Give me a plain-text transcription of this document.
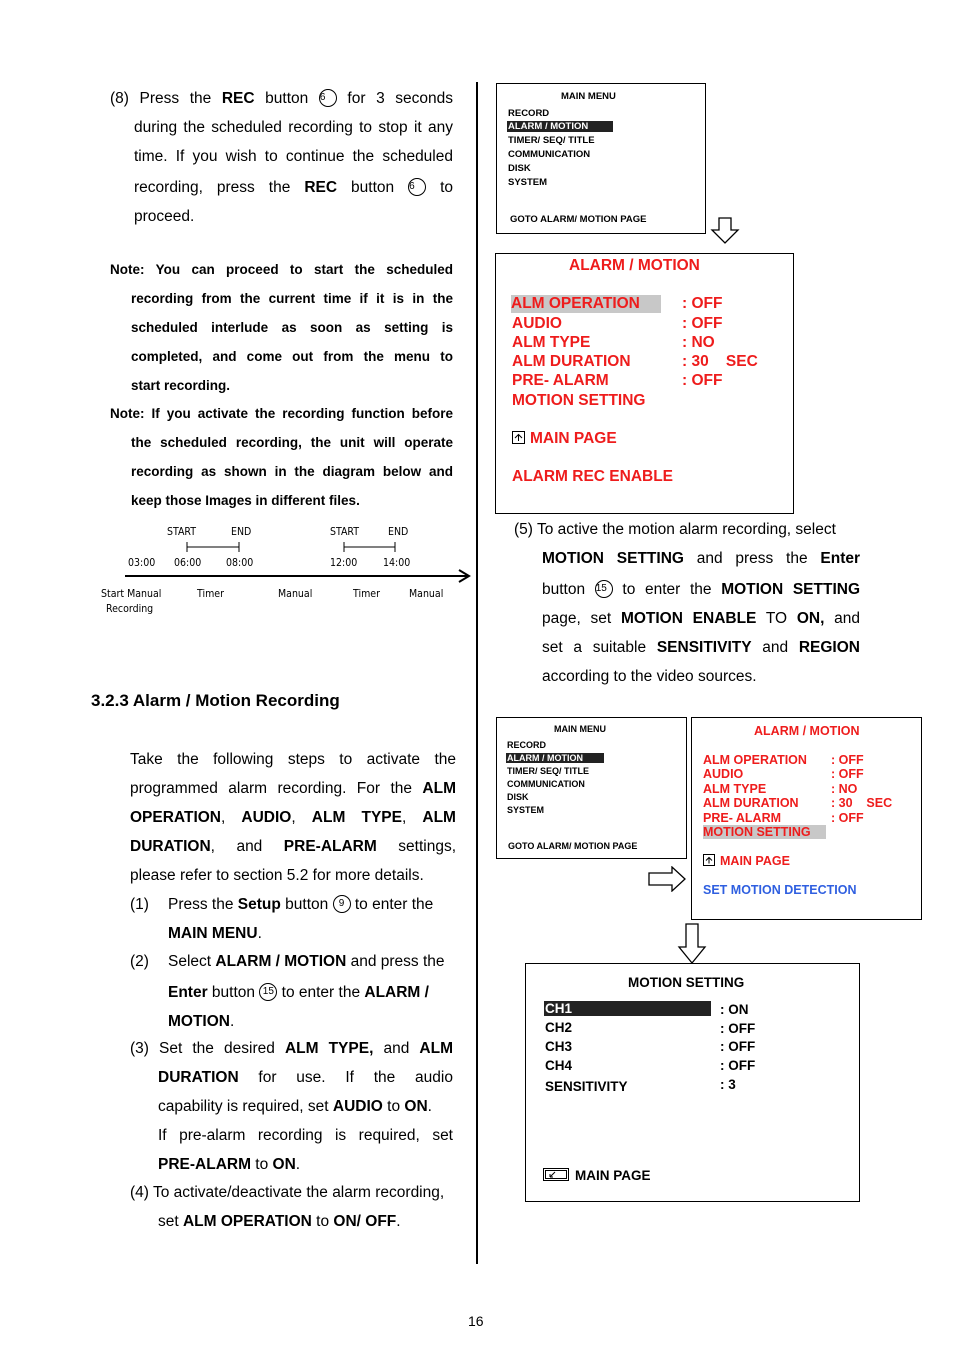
(8) Press the REC button 6 for 3 seconds
during the scheduled recording to stop it any
time. If you wish to continue the scheduled
recording, press the REC button 6 to
proceed.
Note: You can proceed to start the scheduled
recording from the current time if it is in the
scheduled interlude as soon as setting is
completed, and come out from the menu to
start recording.
Note: If you activate the recording function before
the scheduled recording, the unit will operate
recording as shown in the diagram below and
keep those Images in different files.
START	END	START	END
03:00 06:00 08:00	12:00 14:00
Start Manual
Recording
Timer	Manual	Timer	Manual
3.2.3 Alarm / Motion Recording
Take the following steps to activate the
programmed alarm recording. For the ALM
OPERATION, AUDIO, ALM TYPE, ALM
DURATION, and PRE-ALARM settings,
please refer to section 5.2 for more details.
(1) Press the Setup button 9 to enter the
MAIN MENU.
(2) Select ALARM / MOTION and press the
Enter button 15 to enter the ALARM /
MOTION.
(3) Set the desired ALM TYPE, and ALM
DURATION for use. If the audio
capability is required, set AUDIO to ON.
If pre-alarm recording is required, set
PRE-ALARM to ON.
(4) To activate/deactivate the alarm recording,
set ALM OPERATION to ON/ OFF.
MAIN MENU
RECORD
ALARM / MOTION
TIMER/ SEQ/ TITLE
COMMUNICATION
DISK
SYSTEM
GOTO ALARM/ MOTION PAGE
ALARM / MOTION
ALM OPERATION	: OFF
AUDIO	: OFF
ALM TYPE	: NO
ALM DURATION	: 30    SEC
PRE- ALARM	: OFF
MOTION SETTING
MAIN PAGE
ALARM REC ENABLE
(5) To active the motion alarm recording, select
MOTION SETTING and press the Enter
button 15 to enter the MOTION SETTING
page, set MOTION ENABLE TO ON, and
set a suitable SENSITIVITY and REGION
according to the video sources.
MAIN MENU
RECORD
ALARM / MOTION
TIMER/ SEQ/ TITLE
COMMUNICATION
DISK
SYSTEM
GOTO ALARM/ MOTION PAGE
ALARM / MOTION
ALM OPERATION : OFF
AUDIO	: OFF
ALM TYPE	: NO
ALM DURATION	: 30    SEC
PRE- ALARM	: OFF
MOTION SETTING
MAIN PAGE
SET MOTION DETECTION
MOTION SETTING
CH1	: ON
CH2	: OFF
CH3	: OFF
CH4	: OFF
SENSITIVITY	: 3
MAIN PAGE
16
